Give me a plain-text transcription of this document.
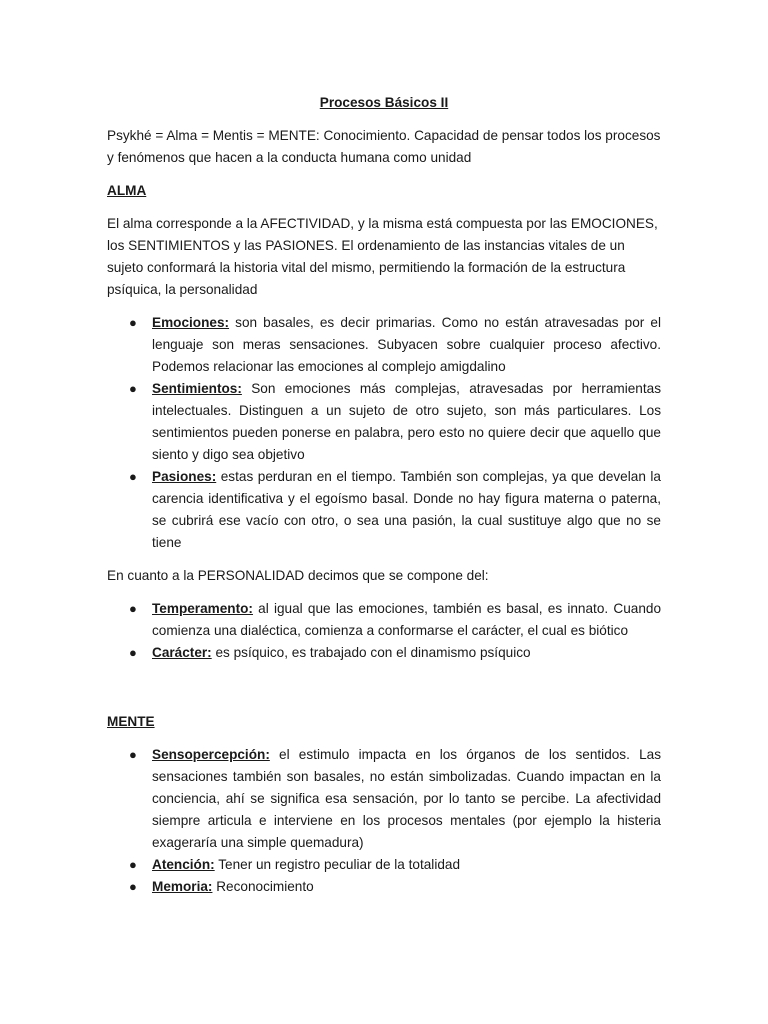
Procesos Básicos II

Psykhé = Alma = Mentis = MENTE: Conocimiento. Capacidad de pensar todos los procesos y fenómenos que hacen a la conducta humana como unidad

ALMA

El alma corresponde a la AFECTIVIDAD, y la misma está compuesta por las EMOCIONES, los SENTIMIENTOS y las PASIONES. El ordenamiento de las instancias vitales de un sujeto conformará la historia vital del mismo, permitiendo la formación de la estructura psíquica, la personalidad

● Emociones: son basales, es decir primarias. Como no están atravesadas por el lenguaje son meras sensaciones. Subyacen sobre cualquier proceso afectivo. Podemos relacionar las emociones al complejo amigdalino
● Sentimientos: Son emociones más complejas, atravesadas por herramientas intelectuales. Distinguen a un sujeto de otro sujeto, son más particulares. Los sentimientos pueden ponerse en palabra, pero esto no quiere decir que aquello que siento y digo sea objetivo
● Pasiones: estas perduran en el tiempo. También son complejas, ya que develan la carencia identificativa y el egoísmo basal. Donde no hay figura materna o paterna, se cubrirá ese vacío con otro, o sea una pasión, la cual sustituye algo que no se tiene

En cuanto a la PERSONALIDAD decimos que se compone del:

● Temperamento: al igual que las emociones, también es basal, es innato. Cuando comienza una dialéctica, comienza a conformarse el carácter, el cual es biótico
● Carácter: es psíquico, es trabajado con el dinamismo psíquico
MENTE
● Sensopercepción: el estimulo impacta en los órganos de los sentidos. Las sensaciones también son basales, no están simbolizadas. Cuando impactan en la conciencia, ahí se significa esa sensación, por lo tanto se percibe. La afectividad siempre articula e interviene en los procesos mentales (por ejemplo la histeria exageraría una simple quemadura)
● Atención: Tener un registro peculiar de la totalidad
● Memoria: Reconocimiento
